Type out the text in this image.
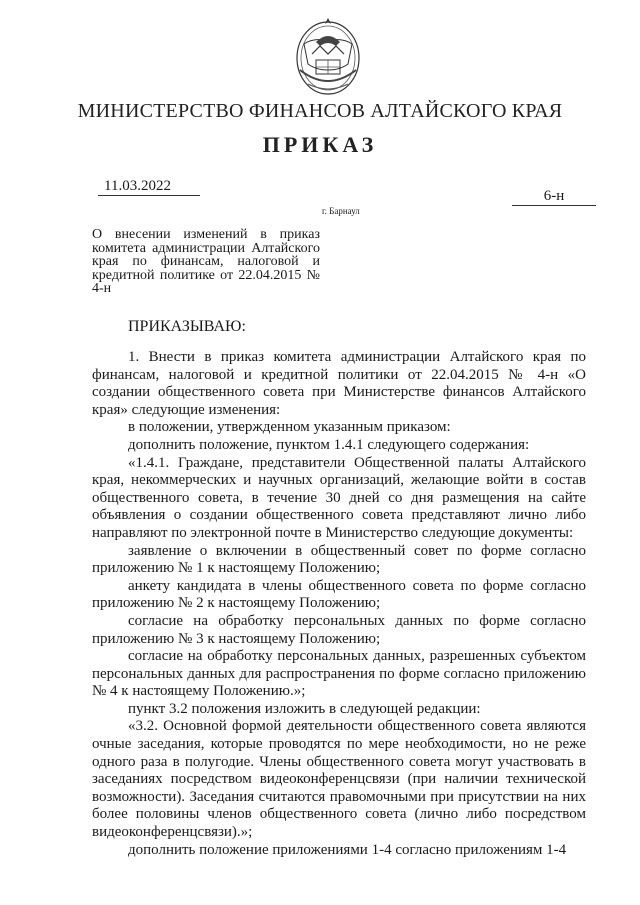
МИНИСТЕРСТВО ФИНАНСОВ АЛТАЙСКОГО КРАЯ
ПРИКАЗ
11.03.2022
6-н
г. Барнаул
О внесении изменений в приказ комитета администрации Алтайского края по финансам, налоговой и кредитной политике от 22.04.2015 № 4-н
ПРИКАЗЫВАЮ:

1. Внести в приказ комитета администрации Алтайского края по финансам, налоговой и кредитной политики от 22.04.2015 № 4-н «О создании общественного совета при Министерстве финансов Алтайского края» следующие изменения:

в положении, утвержденном указанным приказом:

дополнить положение, пунктом 1.4.1 следующего содержания:

«1.4.1. Граждане, представители Общественной палаты Алтайского края, некоммерческих и научных организаций, желающие войти в состав общественного совета, в течение 30 дней со дня размещения на сайте объявления о создании общественного совета представляют лично либо направляют по электронной почте в Министерство следующие документы:

заявление о включении в общественный совет по форме согласно приложению № 1 к настоящему Положению;

анкету кандидата в члены общественного совета по форме согласно приложению № 2 к настоящему Положению;

согласие на обработку персональных данных по форме согласно приложению № 3 к настоящему Положению;

согласие на обработку персональных данных, разрешенных субъектом персональных данных для распространения по форме согласно приложению № 4 к настоящему Положению.»;

пункт 3.2 положения изложить в следующей редакции:

«3.2. Основной формой деятельности общественного совета являются очные заседания, которые проводятся по мере необходимости, но не реже одного раза в полугодие. Члены общественного совета могут участвовать в заседаниях посредством видеоконференцсвязи (при наличии технической возможности). Заседания считаются правомочными при присутствии на них более половины членов общественного совета (лично либо посредством видеоконференцсвязи).»;

дополнить положение приложениями 1-4 согласно приложениям 1-4
